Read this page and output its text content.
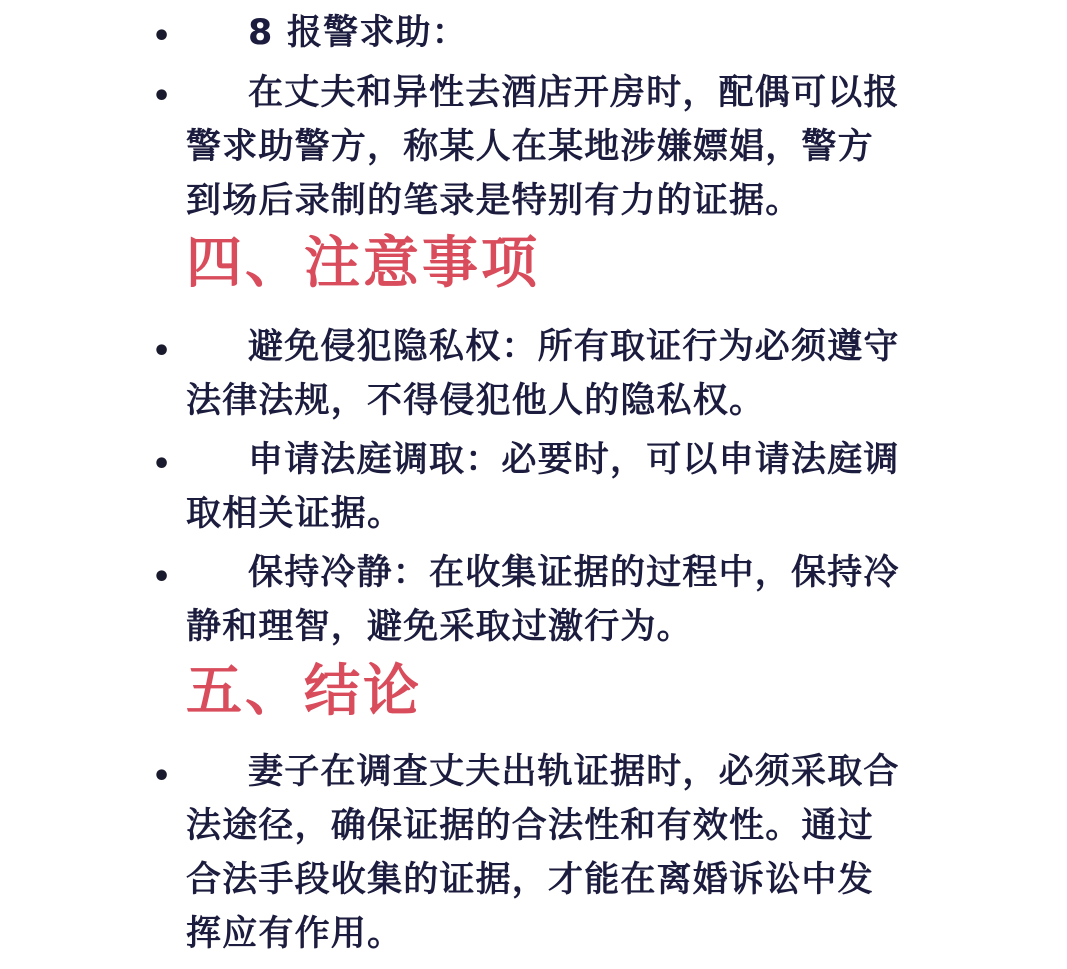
•	8 报警求助：

•	在丈夫和异性去酒店开房时，配偶可以报警求助警方，称某人在某地涉嫌嫖娼，警方到场后录制的笔录是特别有力的证据。

四、注意事项
•	避免侵犯隐私权：所有取证行为必须遵守法律法规，不得侵犯他人的隐私权。

•	申请法庭调取：必要时，可以申请法庭调取相关证据。

•	保持冷静：在收集证据的过程中，保持冷静和理智，避免采取过激行为。

五、结论
•	妻子在调查丈夫出轨证据时，必须采取合法途径，确保证据的合法性和有效性。通过合法手段收集的证据，才能在离婚诉讼中发挥应有作用。
